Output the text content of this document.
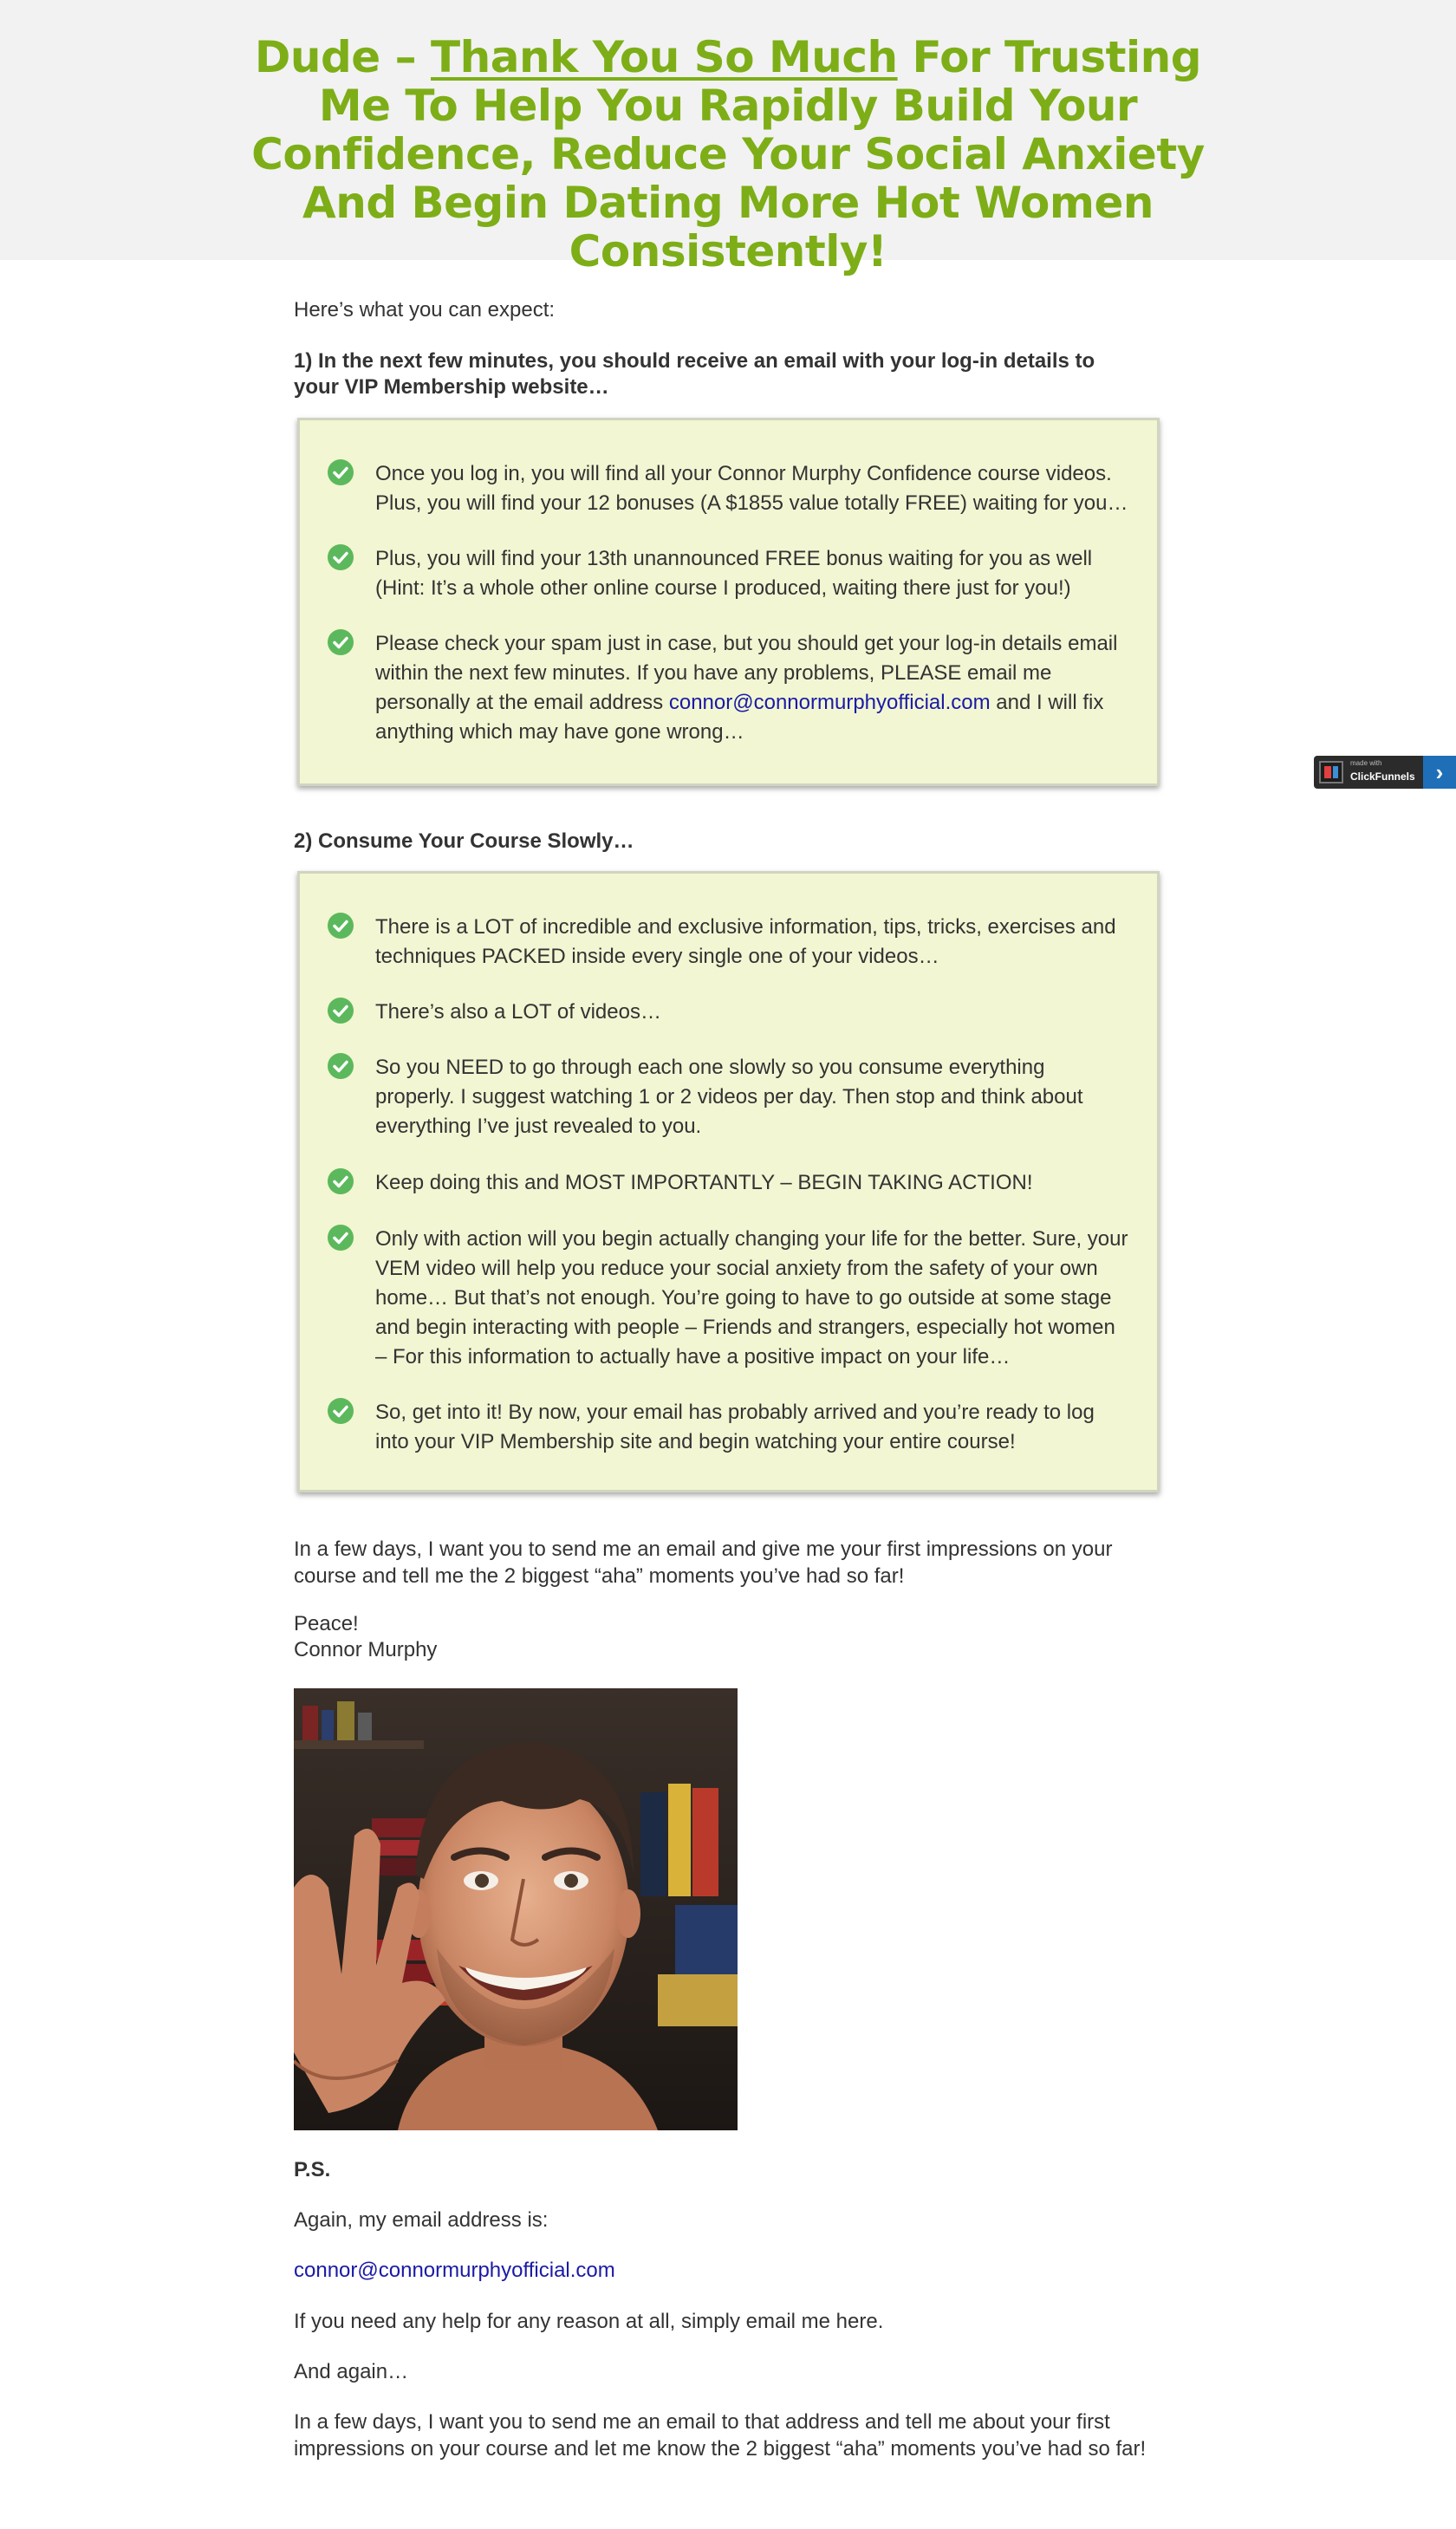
Dude – Thank You So Much For Trusting Me To Help You Rapidly Build Your Confidence, Reduce Your Social Anxiety And Begin Dating More Hot Women Consistently!
Here’s what you can expect:
1) In the next few minutes, you should receive an email with your log-in details to your VIP Membership website…
Once you log in, you will find all your Connor Murphy Confidence course videos. Plus, you will find your 12 bonuses (A $1855 value totally FREE) waiting for you…
Plus, you will find your 13th unannounced FREE bonus waiting for you as well (Hint: It’s a whole other online course I produced, waiting there just for you!)
Please check your spam just in case, but you should get your log-in details email within the next few minutes. If you have any problems, PLEASE email me personally at the email address connor@connormurphyofficial.com and I will fix anything which may have gone wrong…
made with
ClickFunnels ›
2) Consume Your Course Slowly…
There is a LOT of incredible and exclusive information, tips, tricks, exercises and techniques PACKED inside every single one of your videos…
There’s also a LOT of videos…
So you NEED to go through each one slowly so you consume everything properly. I suggest watching 1 or 2 videos per day. Then stop and think about everything I’ve just revealed to you.
Keep doing this and MOST IMPORTANTLY – BEGIN TAKING ACTION!
Only with action will you begin actually changing your life for the better. Sure, your VEM video will help you reduce your social anxiety from the safety of your own home… But that’s not enough. You’re going to have to go outside at some stage and begin interacting with people – Friends and strangers, especially hot women – For this information to actually have a positive impact on your life…
So, get into it! By now, your email has probably arrived and you’re ready to log into your VIP Membership site and begin watching your entire course!
In a few days, I want you to send me an email and give me your first impressions on your course and tell me the 2 biggest “aha” moments you’ve had so far!
Peace!
Connor Murphy
P.S.
Again, my email address is:
connor@connormurphyofficial.com
If you need any help for any reason at all, simply email me here.
And again…
In a few days, I want you to send me an email to that address and tell me about your first impressions on your course and let me know the 2 biggest “aha” moments you’ve had so far!
